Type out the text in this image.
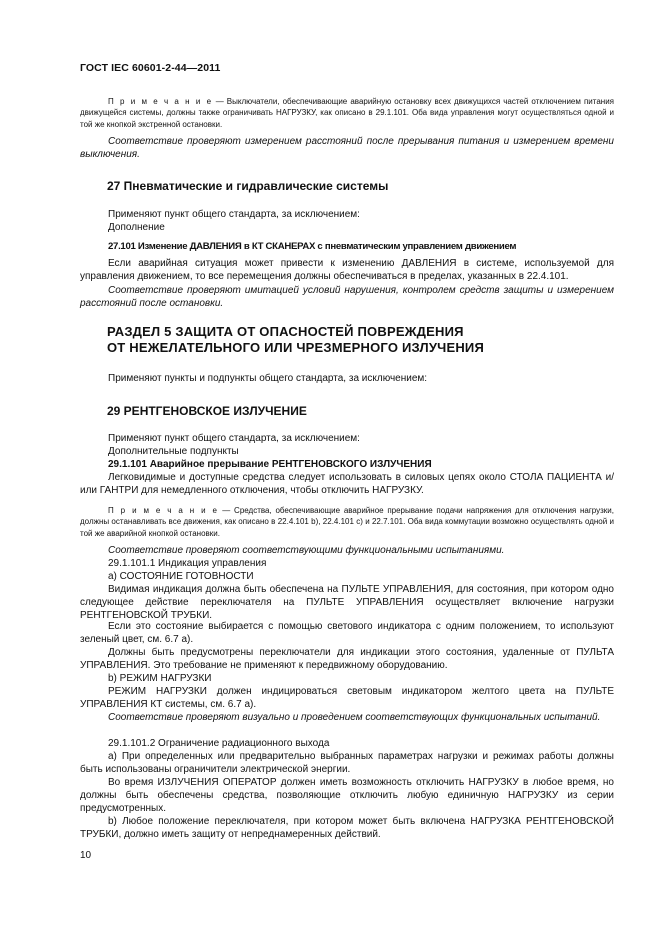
ГОСТ IEC 60601-2-44—2011
П р и м е ч а н и е — Выключатели, обеспечивающие аварийную остановку всех движущихся частей отключением питания движущейся системы, должны также ограничивать НАГРУЗКУ, как описано в 29.1.101. Оба вида управления могут осуществляться одной и той же кнопкой экстренной остановки.
Соответствие проверяют измерением расстояний после прерывания питания и измерением времени выключения.
27 Пневматические и гидравлические системы
Применяют пункт общего стандарта, за исключением:
Дополнение
27.101 Изменение ДАВЛЕНИЯ в КТ СКАНЕРАХ с пневматическим управлением движением
Если аварийная ситуация может привести к изменению ДАВЛЕНИЯ в системе, используемой для управления движением, то все перемещения должны обеспечиваться в пределах, указанных в 22.4.101.
Соответствие проверяют имитацией условий нарушения, контролем средств защиты и измерением расстояний после остановки.

РАЗДЕЛ 5 ЗАЩИТА ОТ ОПАСНОСТЕЙ ПОВРЕЖДЕНИЯ

ОТ НЕЖЕЛАТЕЛЬНОГО ИЛИ ЧРЕЗМЕРНОГО ИЗЛУЧЕНИЯ

Применяют пункты и подпункты общего стандарта, за исключением:
29 РЕНТГЕНОВСКОЕ ИЗЛУЧЕНИЕ
Применяют пункт общего стандарта, за исключением:
Дополнительные подпункты
29.1.101 Аварийное прерывание РЕНТГЕНОВСКОГО ИЗЛУЧЕНИЯ
Легковидимые и доступные средства следует использовать в силовых цепях около СТОЛА ПАЦИЕНТА и/или ГАНТРИ для немедленного отключения, чтобы отключить НАГРУЗКУ.
П р и м е ч а н и е — Средства, обеспечивающие аварийное прерывание подачи напряжения для отключения нагрузки, должны останавливать все движения, как описано в 22.4.101 b), 22.4.101 c) и 22.7.101. Оба вида коммутации возможно осуществлять одной и той же аварийной кнопкой остановки.
Соответствие проверяют соответствующими функциональными испытаниями.
29.1.101.1 Индикация управления
а) СОСТОЯНИЕ ГОТОВНОСТИ
Видимая индикация должна быть обеспечена на ПУЛЬТЕ УПРАВЛЕНИЯ, для состояния, при котором одно следующее действие переключателя на ПУЛЬТЕ УПРАВЛЕНИЯ осуществляет включение нагрузки РЕНТГЕНОВСКОЙ ТРУБКИ.
Если это состояние выбирается с помощью светового индикатора с одним положением, то используют зеленый цвет, см. 6.7 а).
Должны быть предусмотрены переключатели для индикации этого состояния, удаленные от ПУЛЬТА УПРАВЛЕНИЯ. Это требование не применяют к передвижному оборудованию.
b) РЕЖИМ НАГРУЗКИ
РЕЖИМ НАГРУЗКИ должен индицироваться световым индикатором желтого цвета на ПУЛЬТЕ УПРАВЛЕНИЯ КТ системы, см. 6.7 а).
Соответствие проверяют визуально и проведением соответствующих функциональных испытаний.
29.1.101.2 Ограничение радиационного выхода
а) При определенных или предварительно выбранных параметрах нагрузки и режимах работы должны быть использованы ограничители электрической энергии.
Во время ИЗЛУЧЕНИЯ ОПЕРАТОР должен иметь возможность отключить НАГРУЗКУ в любое время, но должны быть обеспечены средства, позволяющие отключить любую единичную НАГРУЗКУ из серии предусмотренных.
b) Любое положение переключателя, при котором может быть включена НАГРУЗКА РЕНТГЕНОВСКОЙ ТРУБКИ, должно иметь защиту от непреднамеренных действий.
10
